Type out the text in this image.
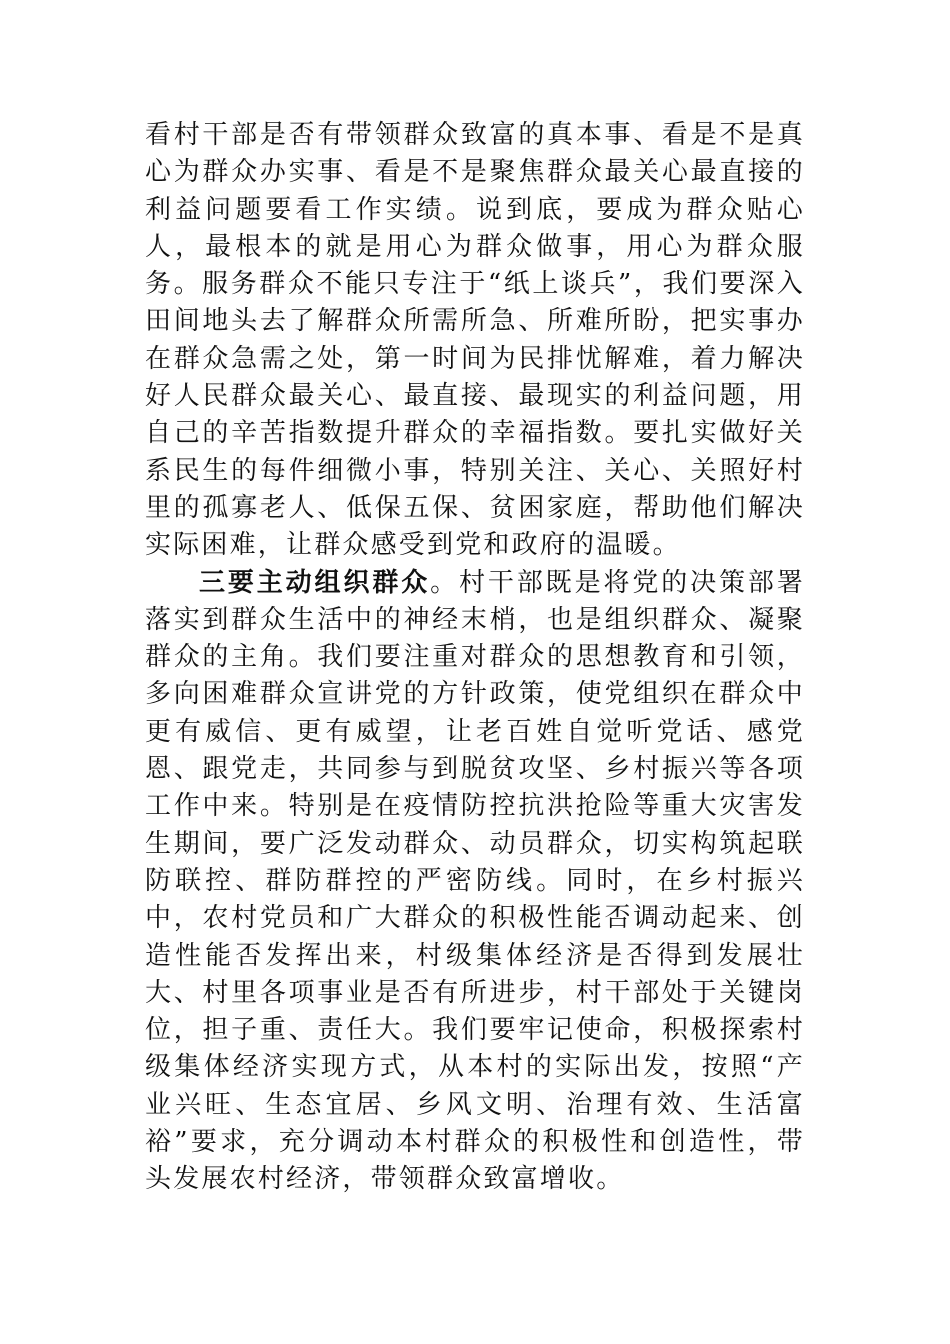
看村干部是否有带领群众致富的真本事、看是不是真心为群众办实事、看是不是聚焦群众最关心最直接的利益问题要看工作实绩。说到底，要成为群众贴心人，最根本的就是用心为群众做事，用心为群众服务。服务群众不能只专注于“纸上谈兵”，我们要深入田间地头去了解群众所需所急、所难所盼，把实事办在群众急需之处，第一时间为民排忧解难，着力解决好人民群众最关心、最直接、最现实的利益问题，用自己的辛苦指数提升群众的幸福指数。要扎实做好关系民生的每件细微小事，特别关注、关心、关照好村里的孤寡老人、低保五保、贫困家庭，帮助他们解决实际困难，让群众感受到党和政府的温暖。

三要主动组织群众。村干部既是将党的决策部署落实到群众生活中的神经末梢，也是组织群众、凝聚群众的主角。我们要注重对群众的思想教育和引领，多向困难群众宣讲党的方针政策，使党组织在群众中更有威信、更有威望，让老百姓自觉听党话、感党恩、跟党走，共同参与到脱贫攻坚、乡村振兴等各项工作中来。特别是在疫情防控抗洪抢险等重大灾害发生期间，要广泛发动群众、动员群众，切实构筑起联防联控、群防群控的严密防线。同时，在乡村振兴中，农村党员和广大群众的积极性能否调动起来、创造性能否发挥出来，村级集体经济是否得到发展壮大、村里各项事业是否有所进步，村干部处于关键岗位，担子重、责任大。我们要牢记使命，积极探索村级集体经济实现方式，从本村的实际出发，按照“产业兴旺、生态宜居、乡风文明、治理有效、生活富裕”要求，充分调动本村群众的积极性和创造性，带头发展农村经济，带领群众致富增收。
